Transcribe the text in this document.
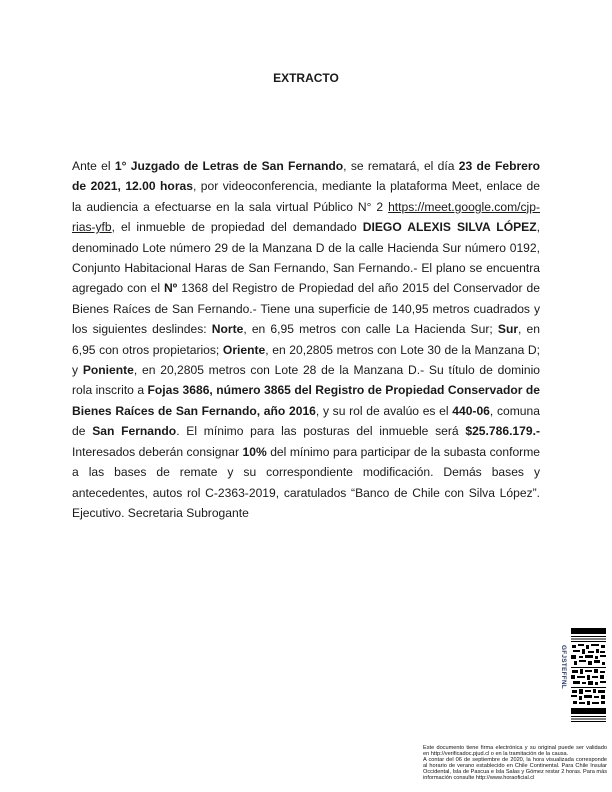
EXTRACTO
Ante el 1° Juzgado de Letras de San Fernando, se rematará, el día 23 de Febrero de 2021, 12.00 horas, por videoconferencia, mediante la plataforma Meet, enlace de la audiencia a efectuarse en la sala virtual Público N° 2 https://meet.google.com/cjp-rias-yfb, el inmueble de propiedad del demandado DIEGO ALEXIS SILVA LÓPEZ, denominado Lote número 29 de la Manzana D de la calle Hacienda Sur número 0192, Conjunto Habitacional Haras de San Fernando, San Fernando.- El plano se encuentra agregado con el Nº 1368 del Registro de Propiedad del año 2015 del Conservador de Bienes Raíces de San Fernando.- Tiene una superficie de 140,95 metros cuadrados y los siguientes deslindes: Norte, en 6,95 metros con calle La Hacienda Sur; Sur, en 6,95 con otros propietarios; Oriente, en 20,2805 metros con Lote 30 de la Manzana D; y Poniente, en 20,2805 metros con Lote 28 de la Manzana D.- Su título de dominio rola inscrito a Fojas 3686, número 3865 del Registro de Propiedad Conservador de Bienes Raíces de San Fernando, año 2016, y su rol de avalúo es el 440-06, comuna de San Fernando. El mínimo para las posturas del inmueble será $25.786.179.- Interesados deberán consignar 10% del mínimo para participar de la subasta conforme a las bases de remate y su correspondiente modificación. Demás bases y antecedentes, autos rol C-2363-2019, caratulados “Banco de Chile con Silva López”. Ejecutivo. Secretaria Subrogante
GFJSTEFFNL

Este documento tiene firma electrónica y su original puede ser validado en http://verificadoc.pjud.cl o en la tramitación de la causa.

A contar del 06 de septiembre de 2020, la hora visualizada corresponde al horario de verano establecido en Chile Continental. Para Chile Insular Occidental, Isla de Pascua e Isla Salas y Gómez restar 2 horas. Para más información consulte http://www.horaoficial.cl
